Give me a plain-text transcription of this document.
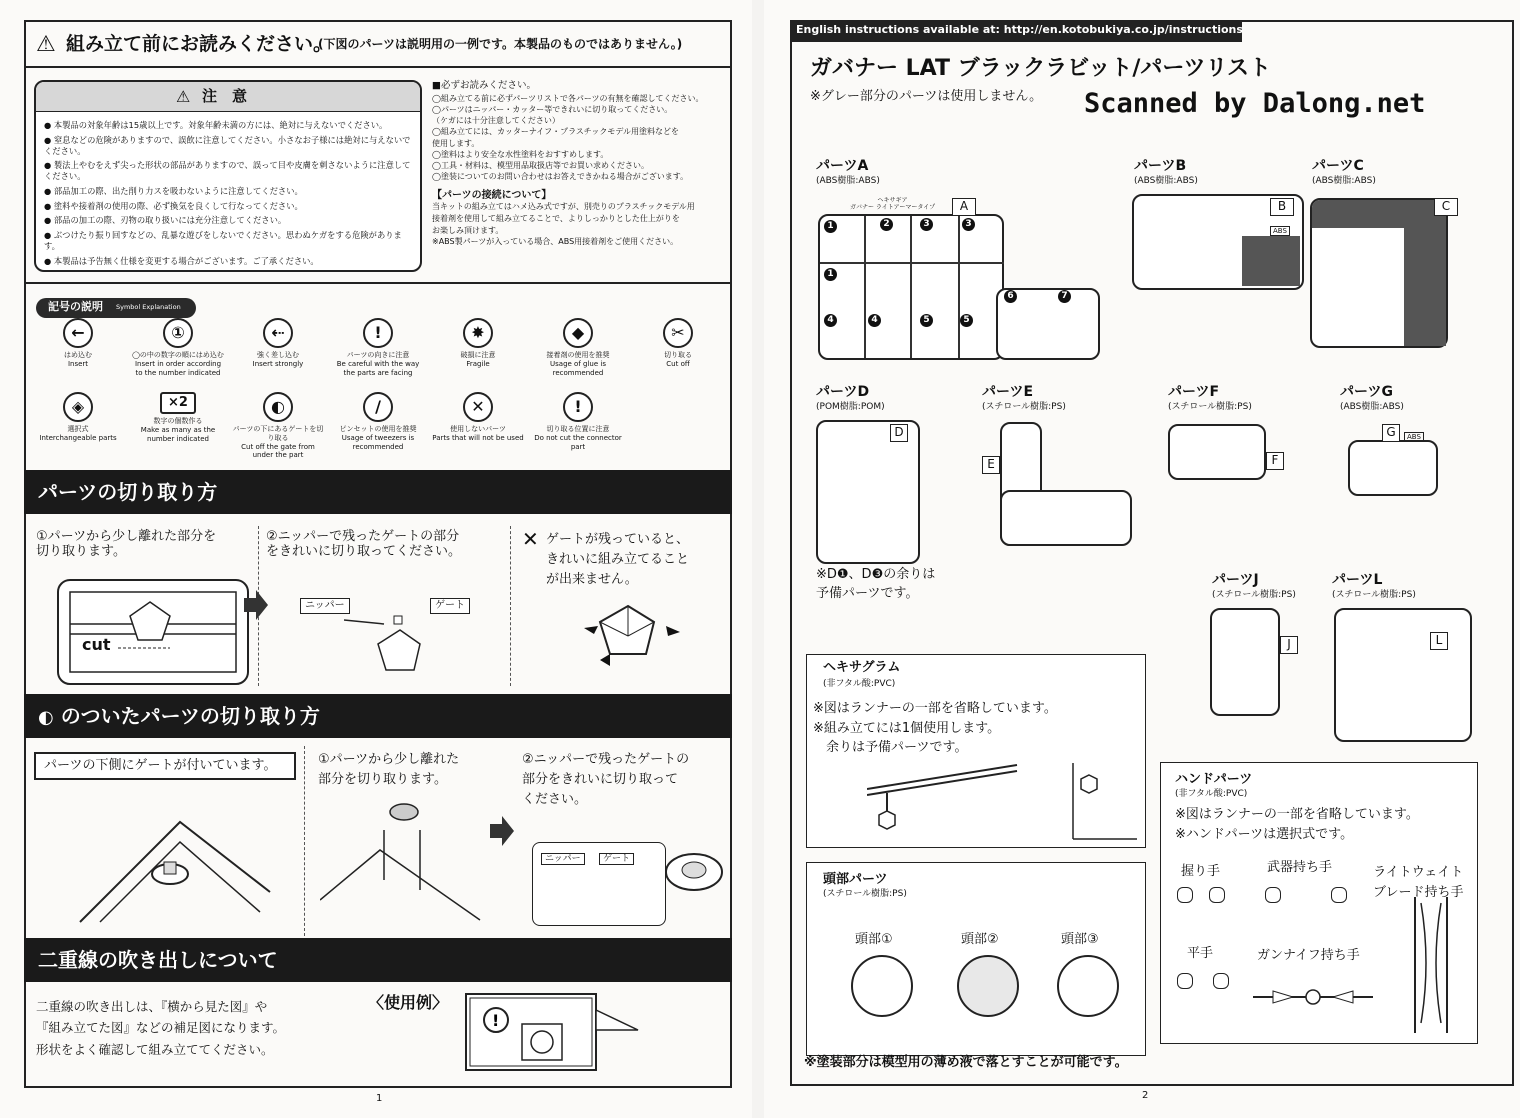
⚠ 組み立て前にお読みください。
(下図のパーツは説明用の一例です。本製品のものではありません。)
⚠ 注　意
● 本製品の対象年齢は15歳以上です。対象年齢未満の方には、絶対に与えないでください。
● 窒息などの危険がありますので、誤飲に注意してください。小さなお子様には絶対に与えないでください。
● 製法上やむをえず尖った形状の部品がありますので、誤って目や皮膚を刺さないように注意してください。
● 部品加工の際、出た削り力スを吸わないように注意してください。
● 塗料や接着剤の使用の際、必ず換気を良くして行なってください。
● 部品の加工の際、刃物の取り扱いには充分注意してください。
● ぶつけたり振り回すなどの、乱暴な遊びをしないでください。思わぬケガをする危険があります。
● 本製品は予告無く仕様を変更する場合がございます。ご了承ください。
■必ずお読みください。
◯組み立てる前に必ずパーツリストで各パーツの有無を確認してください。
◯パーツはニッパー・カッター等できれいに切り取ってください。
（ケガには十分注意してください）
◯組み立てには、カッターナイフ・プラスチックモデル用塗料などを
使用します。
◯塗料はより安全な水性塗料をおすすめします。
◯工具・材料は、模型用品取扱店等でお買い求めください。
◯塗装についてのお問い合わせはお答えできかねる場合がございます。
【パーツの接続について】
当キットの組み立てはハメ込み式ですが、別売りのプラスチックモデル用
接着剤を使用して組み立てることで、よりしっかりとした仕上がりを
お楽しみ頂けます。
※ABS製パーツが入っている場合、ABS用接着剤をご使用ください。
記号の説明 Symbol Explanation
←
はめ込む
Insert
①
◯の中の数字の順にはめ込む
Insert in order according to the number indicated
⇠
強く差し込む
Insert strongly
!
パーツの向きに注意
Be careful with the way the parts are facing
✸
破損に注意
Fragile
◆
接着剤の使用を推奨
Usage of glue is recommended
✂
切り取る
Cut off
◈
選択式
Interchangeable parts
×2
数字の個数作る
Make as many as the number indicated
◐
パーツの下にあるゲートを切り取る
Cut off the gate from under the part
/
ピンセットの使用を推奨
Usage of tweezers is recommended
✕
使用しないパーツ
Parts that will not be used
!
切り取る位置に注意
Do not cut the connector part
パーツの切り取り方
①パーツから少し離れた部分を
切り取ります。
②ニッパーで残ったゲートの部分
をきれいに切り取ってください。
✕ ゲートが残っていると、
きれいに組み立てること
が出来ません。
cut
ニッパー	ゲート
◐ のついたパーツの切り取り方
パーツの下側にゲートが付いています。	①パーツから少し離れた
部分を切り取ります。
②ニッパーで残ったゲートの
部分をきれいに切り取って
ください。
ニッパー	ゲート
二重線の吹き出しについて
二重線の吹き出しは、『横から見た図』や
『組み立てた図』などの補足図になります。
形状をよく確認して組み立ててください。
〈使用例〉
!
1
English instructions available at: http://en.kotobukiya.co.jp/instructions
ガバナー LAT ブラックラビット/パーツリスト
※グレー部分のパーツは使用しません。 Scanned by Dalong.net
パーツA
(ABS樹脂:ABS)
ヘキサギア
ガバナー ライトアーマータイプ	A
1
1
2	3	3
4	4	5	5
6	7
パーツB
(ABS樹脂:ABS)
B
ABS
パーツC
(ABS樹脂:ABS)
C
パーツD
(POM樹脂:POM)
D
※D❶、D❸の余りは
予備パーツです。
パーツE
(スチロール樹脂:PS)
E
パーツF
(スチロール樹脂:PS)
F
パーツG
(ABS樹脂:ABS)
G	ABS
パーツJ
(スチロール樹脂:PS)
J
パーツL
(スチロール樹脂:PS)
L
ヘキサグラム
(非フタル酸:PVC)
※図はランナーの一部を省略しています。
※組み立てには1個使用します。
　余りは予備パーツです。
頭部パーツ
(スチロール樹脂:PS)
頭部①	頭部②	頭部③
ハンドパーツ
(非フタル酸:PVC)
※図はランナーの一部を省略しています。
※ハンドパーツは選択式です。
握り手	武器持ち手	ライトウェイト
ブレード持ち手
平手	ガンナイフ持ち手
※塗装部分は模型用の薄め液で落とすことが可能です。
2
